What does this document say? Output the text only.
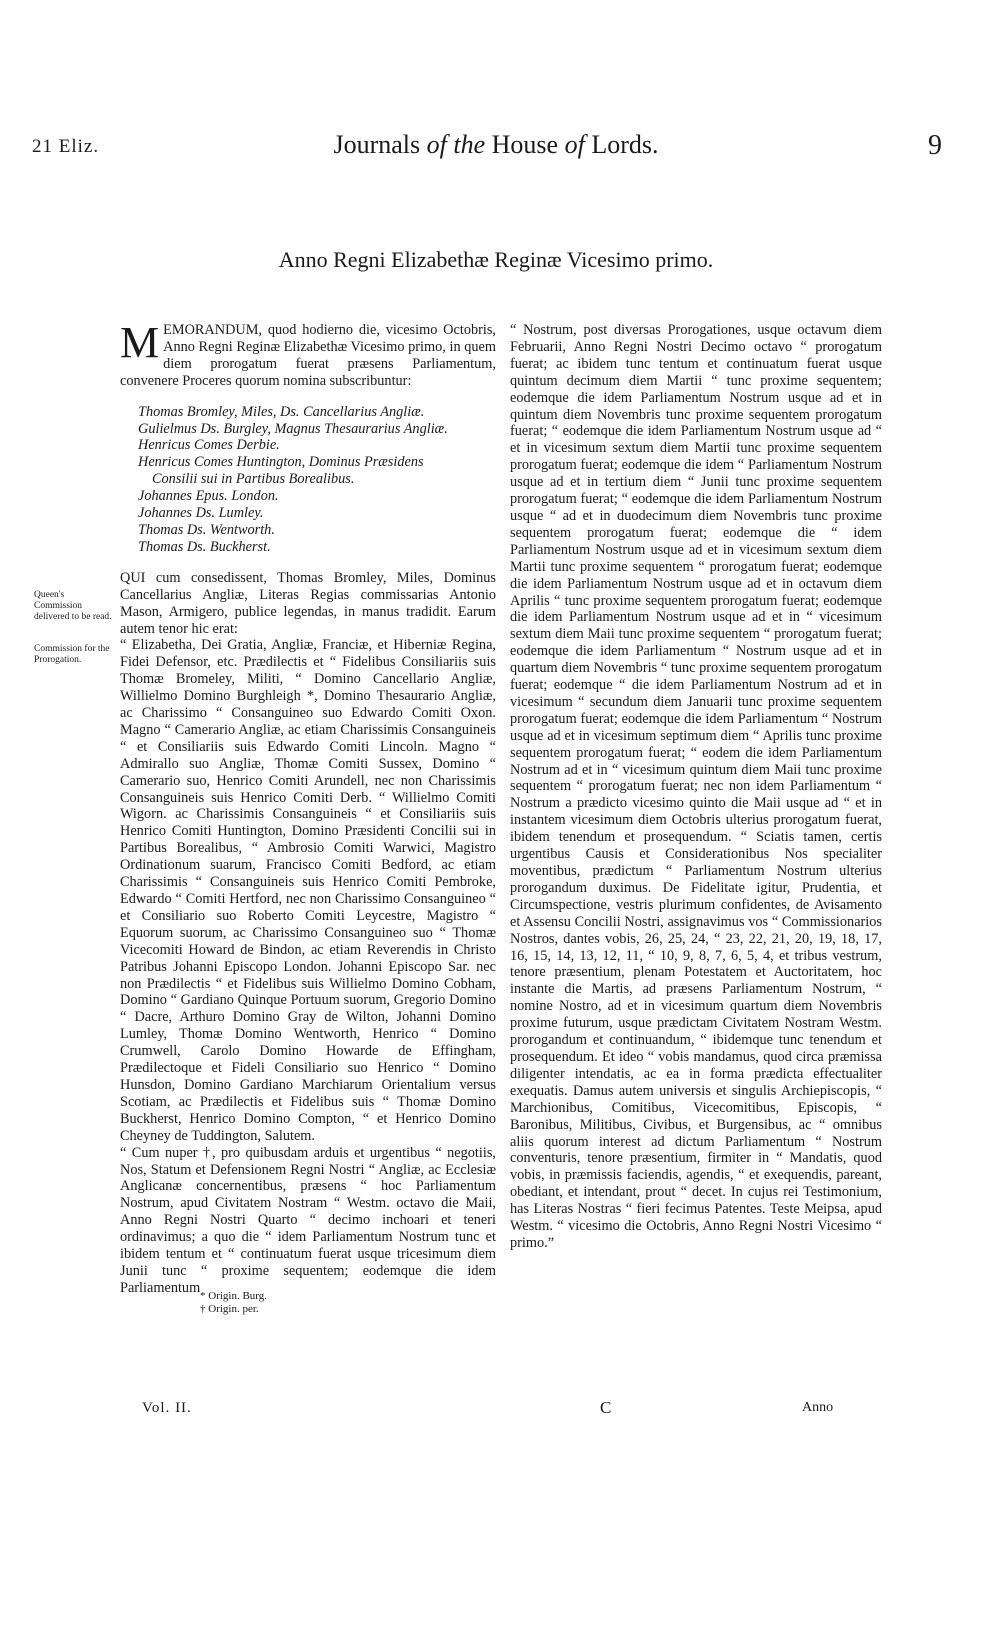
21 Eliz.	Journals of the House of Lords.	9
Anno Regni Elizabethæ Reginæ Vicesimo primo.
Queen's Commission delivered to be read.
Commission for the Prorogation.

MEMORANDUM, quod hodierno die, vicesimo Octobris, Anno Regni Reginæ Elizabethæ Vicesimo primo, in quem diem prorogatum fuerat præsens Parliamentum, convenere Proceres quorum nomina subscribuntur:

Thomas Bromley, Miles, Ds. Cancellarius Angliæ.
Gulielmus Ds. Burgley, Magnus Thesaurarius Angliæ.
Henricus Comes Derbie.
Henricus Comes Huntington, Dominus Præsidens
Consilii sui in Partibus Borealibus.
Johannes Epus. London.
Johannes Ds. Lumley.
Thomas Ds. Wentworth.
Thomas Ds. Buckherst.

QUI cum consedissent, Thomas Bromley, Miles, Dominus Cancellarius Angliæ, Literas Regias commissarias Antonio Mason, Armigero, publice legendas, in manus tradidit. Earum autem tenor hic erat:

“ Elizabetha, Dei Gratia, Angliæ, Franciæ, et Hiberniæ Regina, Fidei Defensor, etc. Prædilectis et “ Fidelibus Consiliariis suis Thomæ Bromeley, Militi, “ Domino Cancellario Angliæ, Willielmo Domino Burghleigh *, Domino Thesaurario Angliæ, ac Charissimo “ Consanguineo suo Edwardo Comiti Oxon. Magno “ Camerario Angliæ, ac etiam Charissimis Consanguineis “ et Consiliariis suis Edwardo Comiti Lincoln. Magno “ Admirallo suo Angliæ, Thomæ Comiti Sussex, Domino “ Camerario suo, Henrico Comiti Arundell, nec non Charissimis Consanguineis suis Henrico Comiti Derb. “ Willielmo Comiti Wigorn. ac Charissimis Consanguineis “ et Consiliariis suis Henrico Comiti Huntington, Domino Præsidenti Concilii sui in Partibus Borealibus, “ Ambrosio Comiti Warwici, Magistro Ordinationum suarum, Francisco Comiti Bedford, ac etiam Charissimis “ Consanguineis suis Henrico Comiti Pembroke, Edwardo “ Comiti Hertford, nec non Charissimo Consanguineo “ et Consiliario suo Roberto Comiti Leycestre, Magistro “ Equorum suorum, ac Charissimo Consanguineo suo “ Thomæ Vicecomiti Howard de Bindon, ac etiam Reverendis in Christo Patribus Johanni Episcopo London. Johanni Episcopo Sar. nec non Prædilectis “ et Fidelibus suis Willielmo Domino Cobham, Domino “ Gardiano Quinque Portuum suorum, Gregorio Domino “ Dacre, Arthuro Domino Gray de Wilton, Johanni Domino Lumley, Thomæ Domino Wentworth, Henrico “ Domino Crumwell, Carolo Domino Howarde de Effingham, Prædilectoque et Fideli Consiliario suo Henrico “ Domino Hunsdon, Domino Gardiano Marchiarum Orientalium versus Scotiam, ac Prædilectis et Fidelibus suis “ Thomæ Domino Buckherst, Henrico Domino Compton, “ et Henrico Domino Cheyney de Tuddington, Salutem.

“ Cum nuper †, pro quibusdam arduis et urgentibus “ negotiis, Nos, Statum et Defensionem Regni Nostri “ Angliæ, ac Ecclesiæ Anglicanæ concernentibus, præsens “ hoc Parliamentum Nostrum, apud Civitatem Nostram “ Westm. octavo die Maii, Anno Regni Nostri Quarto “ decimo inchoari et teneri ordinavimus; a quo die “ idem Parliamentum Nostrum tunc et ibidem tentum et “ continuatum fuerat usque tricesimum diem Junii tunc “ proxime sequentem; eodemque die idem Parliamentum

“ Nostrum, post diversas Prorogationes, usque octavum diem Februarii, Anno Regni Nostri Decimo octavo “ prorogatum fuerat; ac ibidem tunc tentum et continuatum fuerat usque quintum decimum diem Martii “ tunc proxime sequentem; eodemque die idem Parliamentum Nostrum usque ad et in quintum diem Novembris tunc proxime sequentem prorogatum fuerat; “ eodemque die idem Parliamentum Nostrum usque ad “ et in vicesimum sextum diem Martii tunc proxime sequentem prorogatum fuerat; eodemque die idem “ Parliamentum Nostrum usque ad et in tertium diem “ Junii tunc proxime sequentem prorogatum fuerat; “ eodemque die idem Parliamentum Nostrum usque “ ad et in duodecimum diem Novembris tunc proxime sequentem prorogatum fuerat; eodemque die “ idem Parliamentum Nostrum usque ad et in vicesimum sextum diem Martii tunc proxime sequentem “ prorogatum fuerat; eodemque die idem Parliamentum Nostrum usque ad et in octavum diem Aprilis “ tunc proxime sequentem prorogatum fuerat; eodemque die idem Parliamentum Nostrum usque ad et in “ vicesimum sextum diem Maii tunc proxime sequentem “ prorogatum fuerat; eodemque die idem Parliamentum “ Nostrum usque ad et in quartum diem Novembris “ tunc proxime sequentem prorogatum fuerat; eodemque “ die idem Parliamentum Nostrum ad et in vicesimum “ secundum diem Januarii tunc proxime sequentem prorogatum fuerat; eodemque die idem Parliamentum “ Nostrum usque ad et in vicesimum septimum diem “ Aprilis tunc proxime sequentem prorogatum fuerat; “ eodem die idem Parliamentum Nostrum ad et in “ vicesimum quintum diem Maii tunc proxime sequentem “ prorogatum fuerat; nec non idem Parliamentum “ Nostrum a prædicto vicesimo quinto die Maii usque ad “ et in instantem vicesimum diem Octobris ulterius prorogatum fuerat, ibidem tenendum et prosequendum. “ Sciatis tamen, certis urgentibus Causis et Considerationibus Nos specialiter moventibus, prædictum “ Parliamentum Nostrum ulterius prorogandum duximus. De Fidelitate igitur, Prudentia, et Circumspectione, vestris plurimum confidentes, de Avisamento et Assensu Concilii Nostri, assignavimus vos “ Commissionarios Nostros, dantes vobis, 26, 25, 24, “ 23, 22, 21, 20, 19, 18, 17, 16, 15, 14, 13, 12, 11, “ 10, 9, 8, 7, 6, 5, 4, et tribus vestrum, tenore præsentium, plenam Potestatem et Auctoritatem, hoc instante die Martis, ad præsens Parliamentum Nostrum, “ nomine Nostro, ad et in vicesimum quartum diem Novembris proxime futurum, usque prædictam Civitatem Nostram Westm. prorogandum et continuandum, “ ibidemque tunc tenendum et prosequendum. Et ideo “ vobis mandamus, quod circa præmissa diligenter intendatis, ac ea in forma prædicta effectualiter exequatis. Damus autem universis et singulis Archiepiscopis, “ Marchionibus, Comitibus, Vicecomitibus, Episcopis, “ Baronibus, Militibus, Civibus, et Burgensibus, ac “ omnibus aliis quorum interest ad dictum Parliamentum “ Nostrum conventuris, tenore præsentium, firmiter in “ Mandatis, quod vobis, in præmissis faciendis, agendis, “ et exequendis, pareant, obediant, et intendant, prout “ decet. In cujus rei Testimonium, has Literas Nostras “ fieri fecimus Patentes. Teste Meipsa, apud Westm. “ vicesimo die Octobris, Anno Regni Nostri Vicesimo “ primo.”

* Origin. Burg.
† Origin. per.
Vol. II.	C	Anno
